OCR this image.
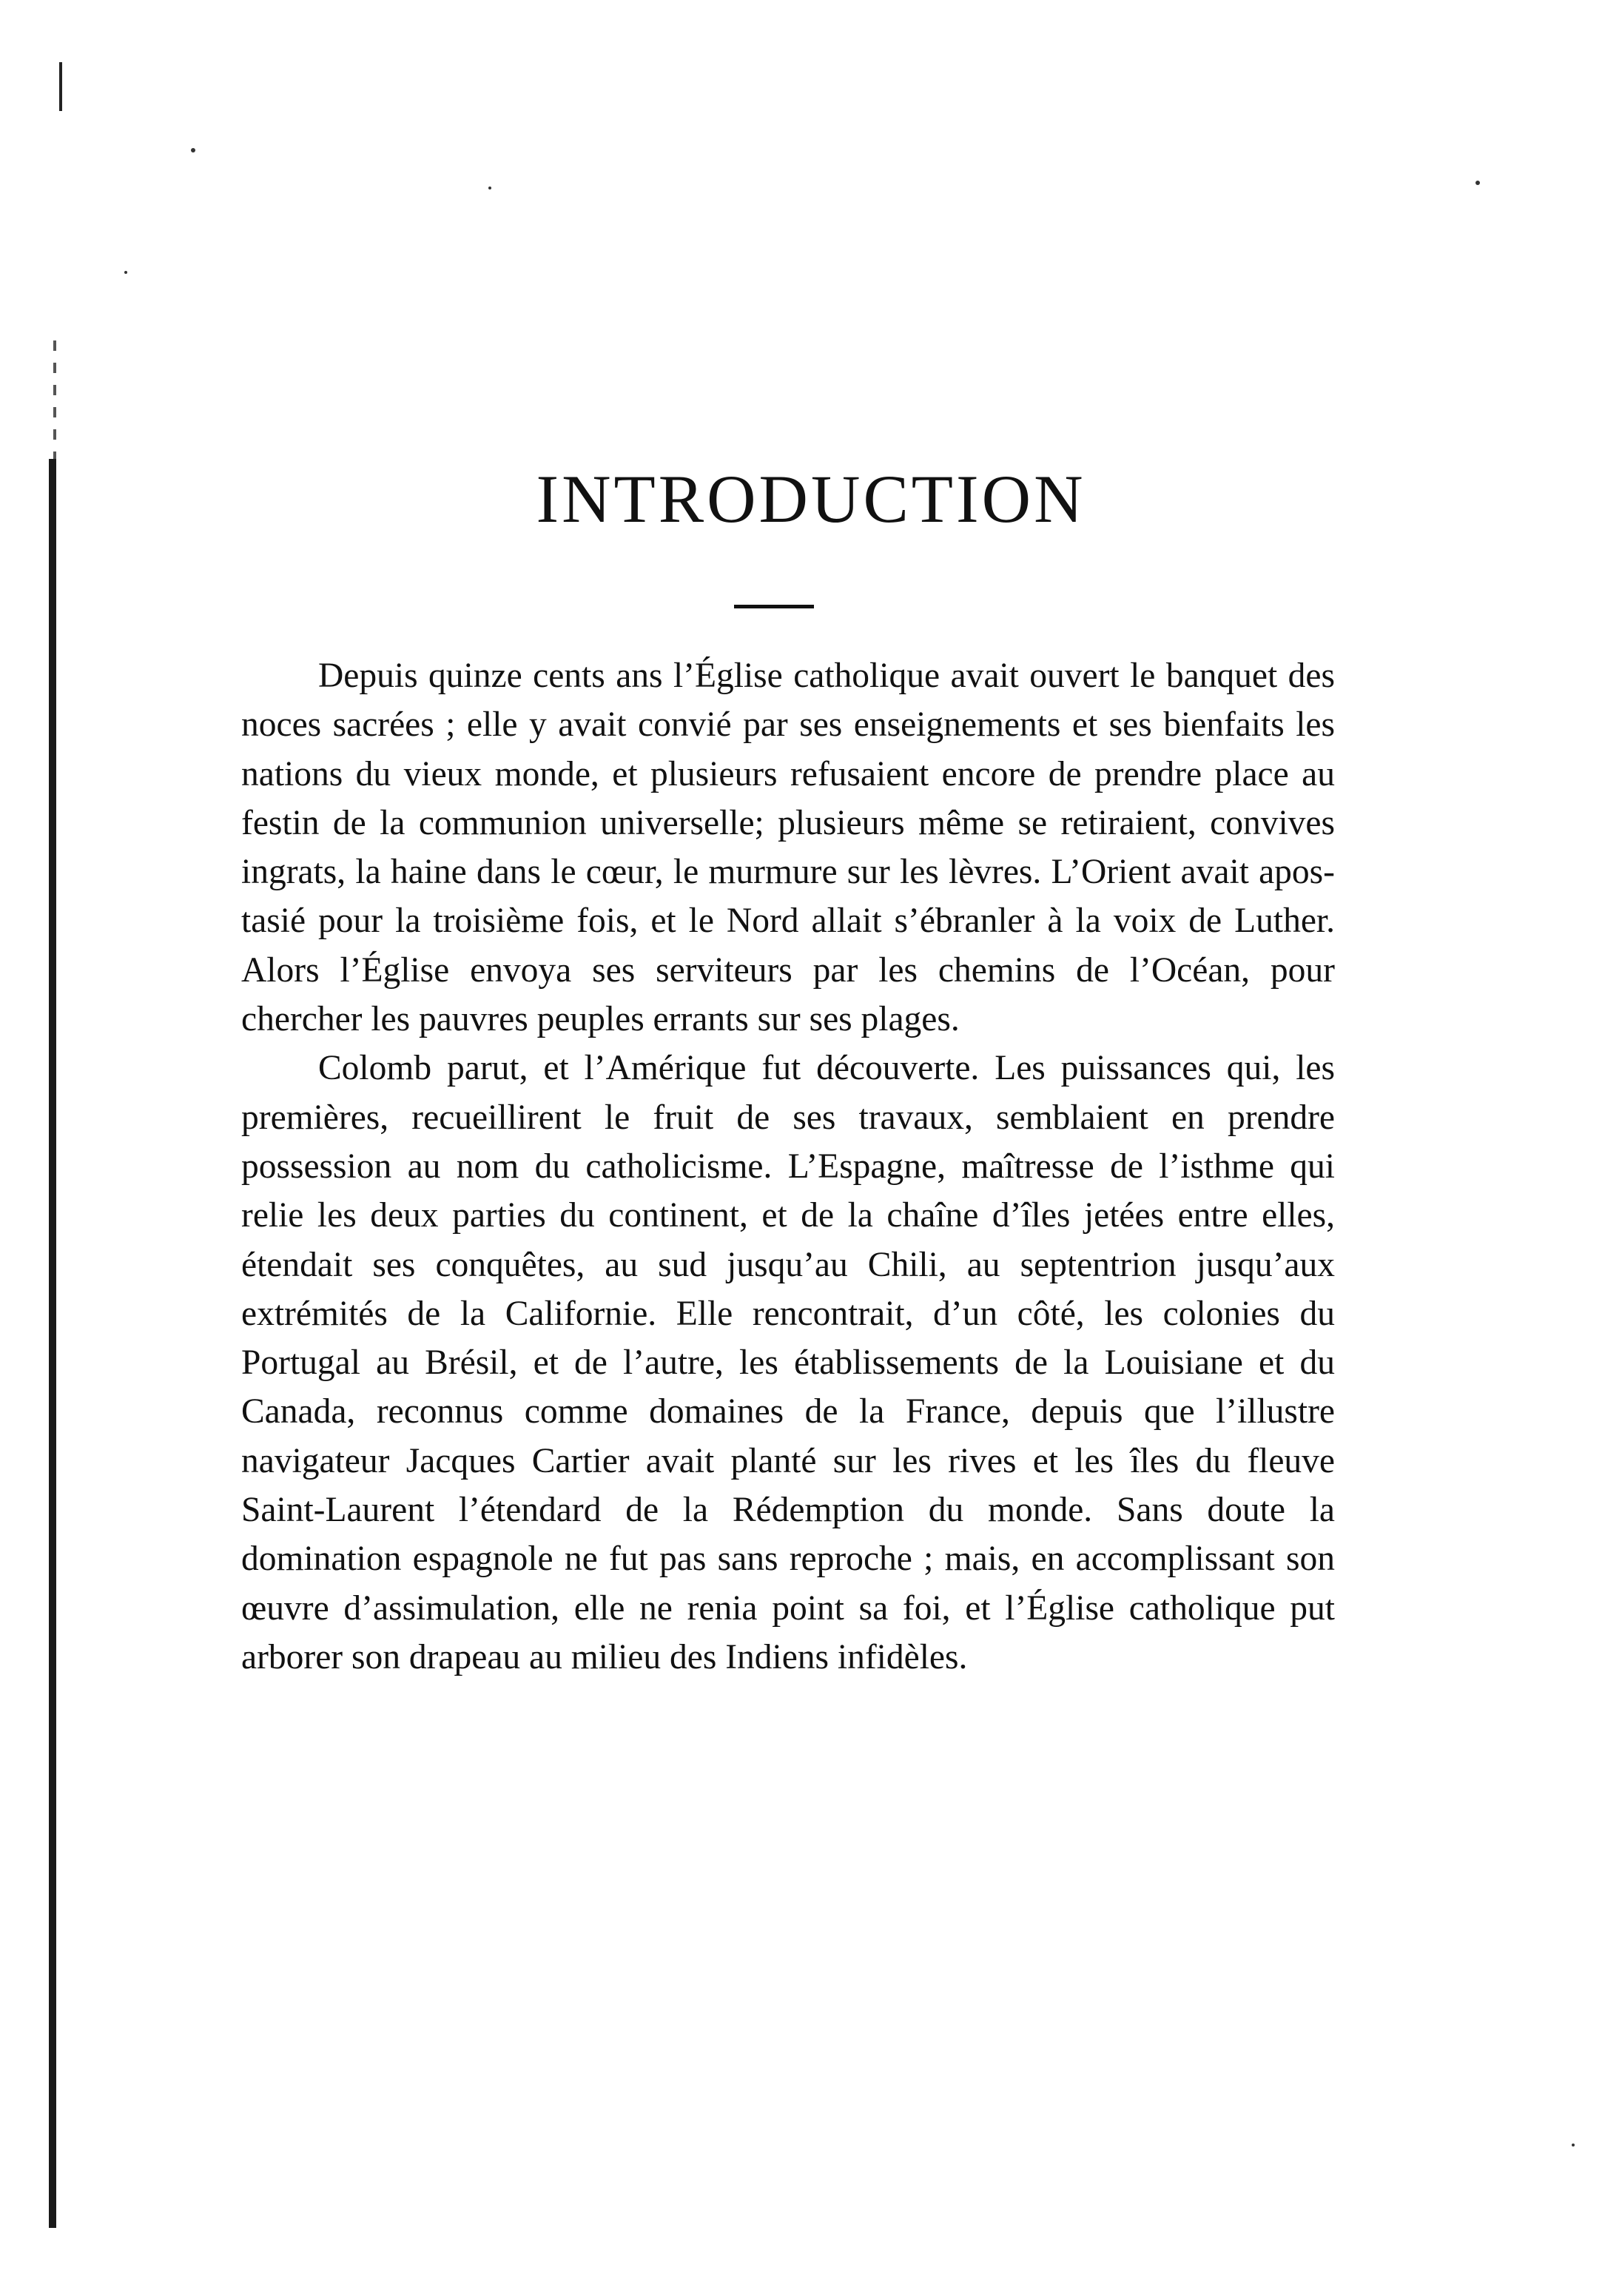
INTRODUCTION

Depuis quinze cents ans l’Église catholique avait ouvert le banquet des noces sacrées ; elle y avait convié par ses enseignements et ses bienfaits les nations du vieux monde, et plusieurs refusaient encore de prendre place au festin de la communion universelle; plusieurs même se retiraient, convives ingrats, la haine dans le cœur, le murmure sur les lèvres. L’Orient avait apostasié pour la troisième fois, et le Nord allait s’ébranler à la voix de Luther. Alors l’Église envoya ses serviteurs par les chemins de l’Océan, pour chercher les pauvres peuples errants sur ses plages.

Colomb parut, et l’Amérique fut découverte. Les puissances qui, les premières, recueillirent le fruit de ses travaux, semblaient en prendre possession au nom du catholicisme. L’Espagne, maîtresse de l’isthme qui relie les deux parties du continent, et de la chaîne d’îles jetées entre elles, étendait ses conquêtes, au sud jusqu’au Chili, au septentrion jusqu’aux extrémités de la Californie. Elle rencontrait, d’un côté, les colonies du Portugal au Brésil, et de l’autre, les établissements de la Louisiane et du Canada, reconnus comme domaines de la France, depuis que l’illustre navigateur Jacques Cartier avait planté sur les rives et les îles du fleuve Saint-Laurent l’étendard de la Rédemption du monde. Sans doute la domination espagnole ne fut pas sans reproche ; mais, en accomplissant son œuvre d’assimulation, elle ne renia point sa foi, et l’Église catholique put arborer son drapeau au milieu des Indiens infidèles.
